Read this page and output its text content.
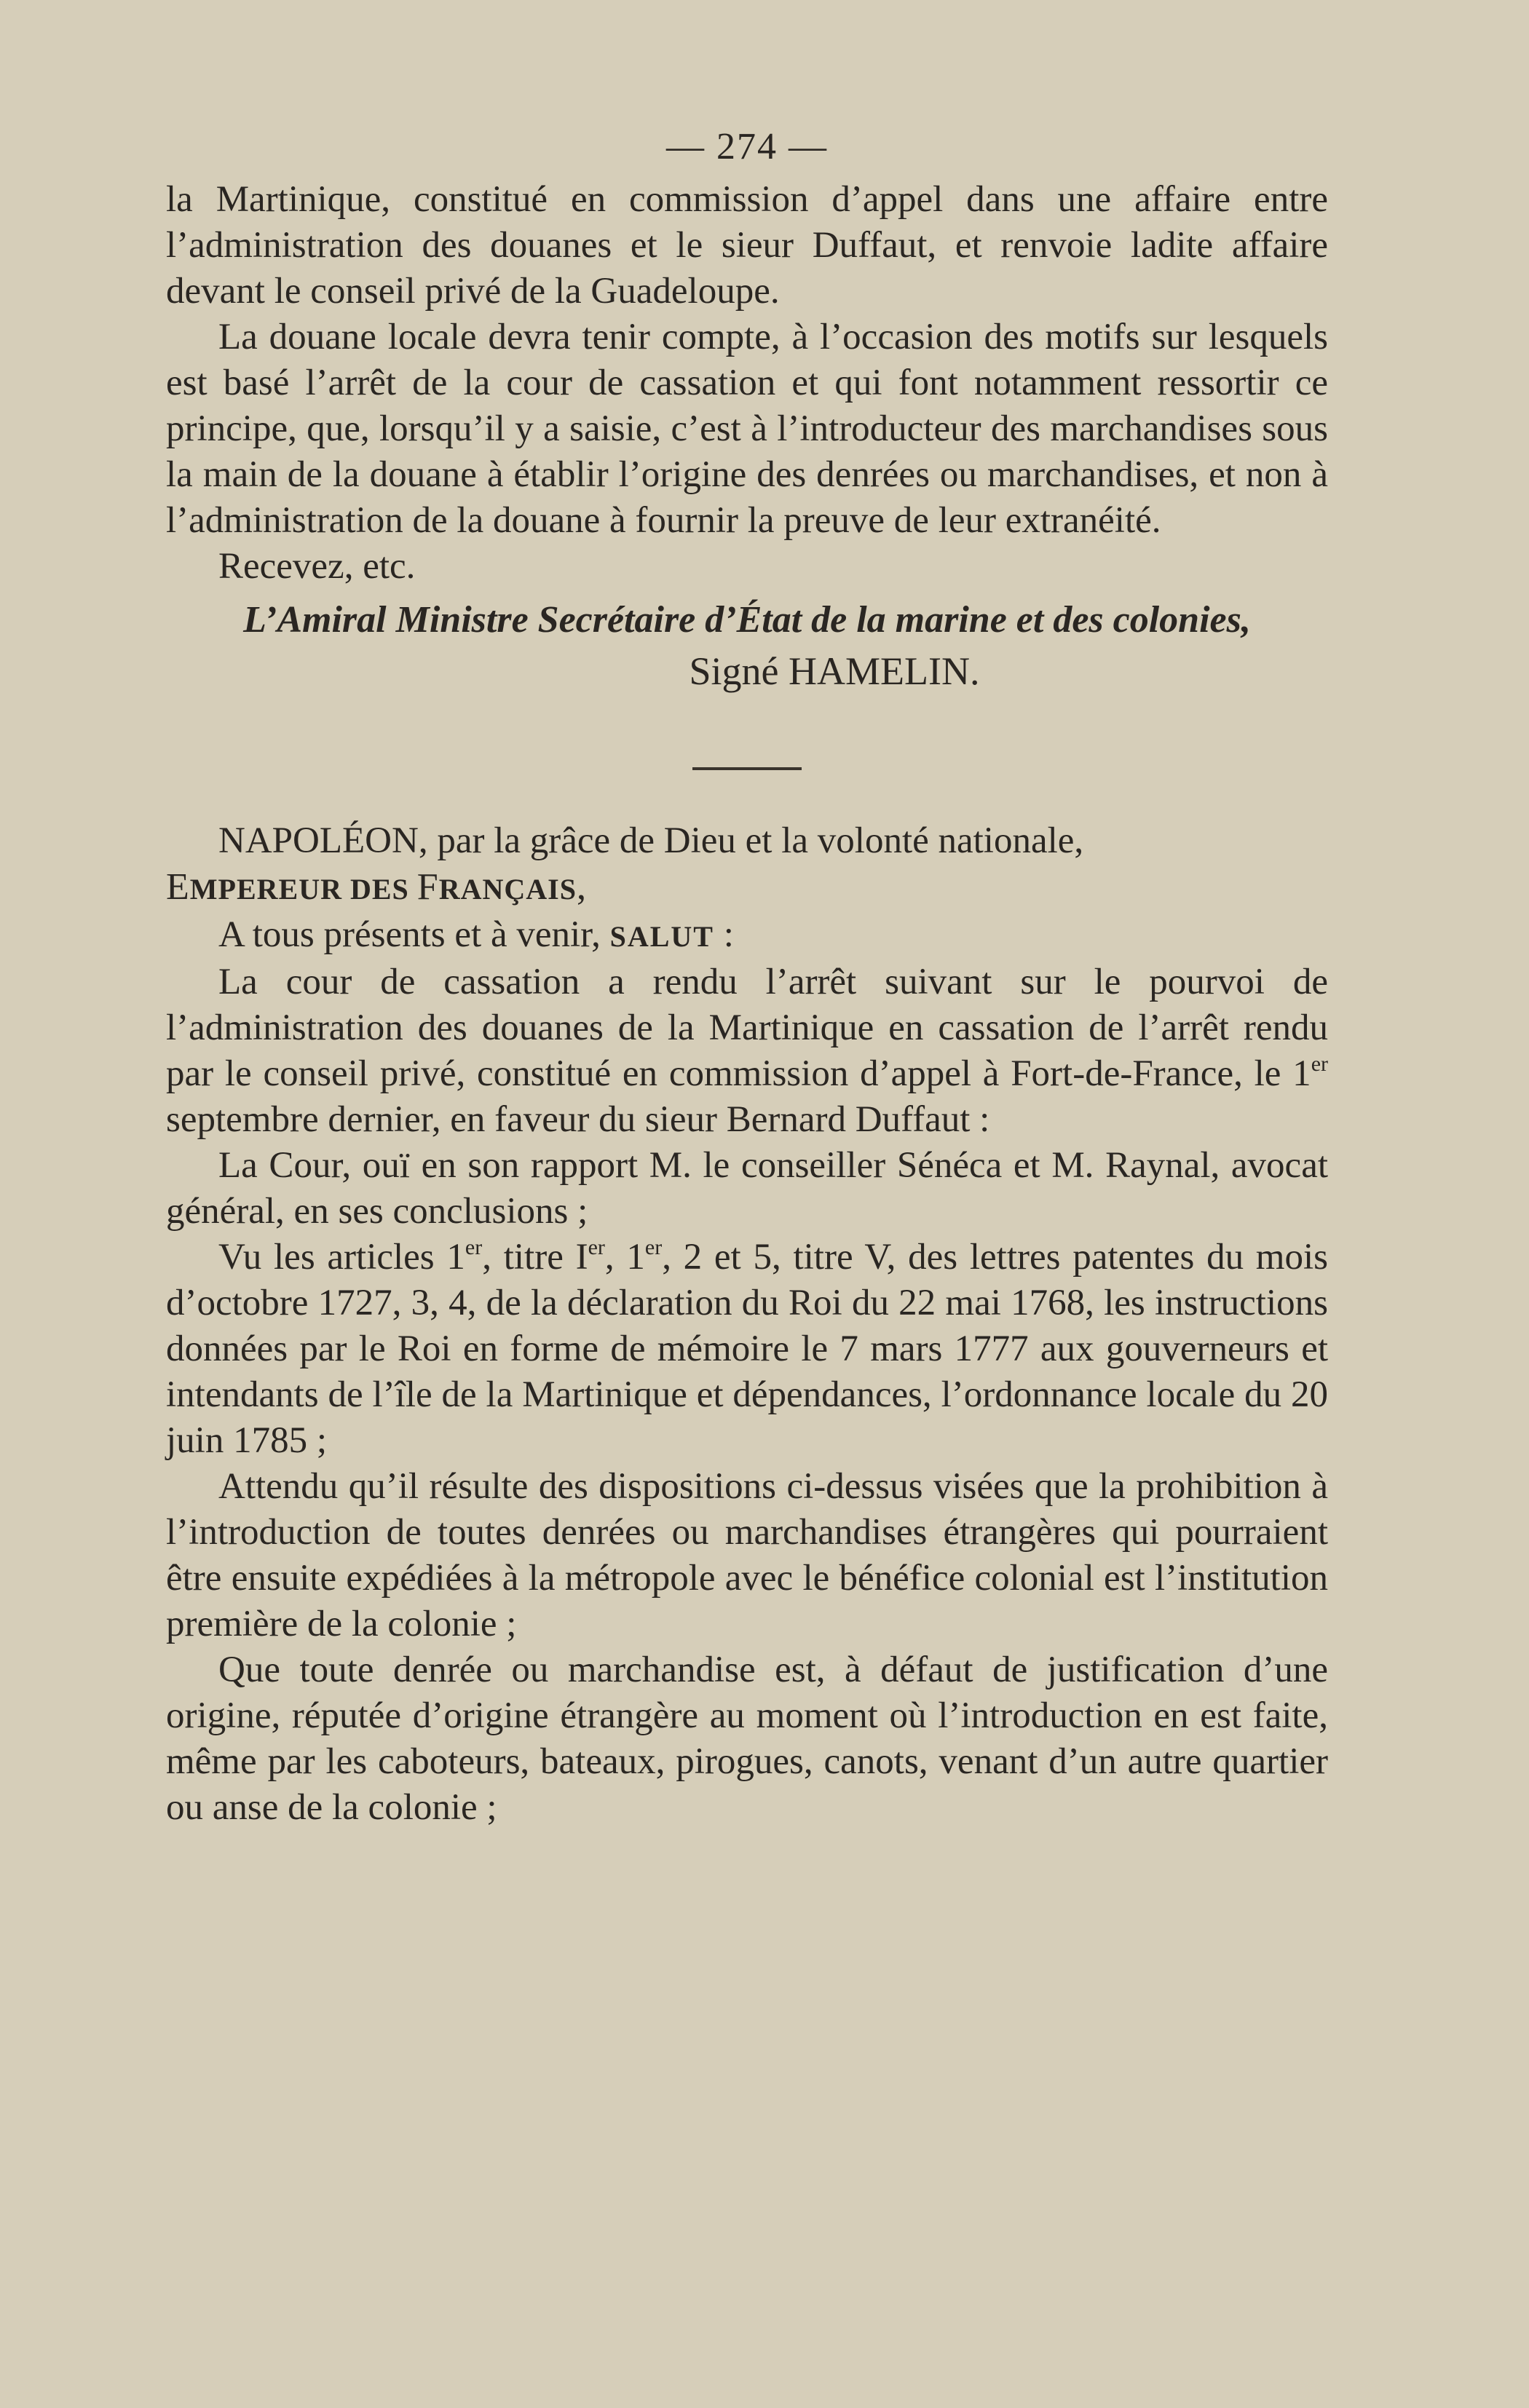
— 274 —

la Martinique, constitué en commission d’appel dans une affaire entre l’administration des douanes et le sieur Duffaut, et renvoie ladite affaire devant le conseil privé de la Guadeloupe.

La douane locale devra tenir compte, à l’occasion des motifs sur lesquels est basé l’arrêt de la cour de cassation et qui font notamment ressortir ce principe, que, lorsqu’il y a saisie, c’est à l’introducteur des marchandises sous la main de la douane à établir l’origine des denrées ou marchandises, et non à l’administration de la douane à fournir la preuve de leur extranéité.

Recevez, etc.

L’Amiral Ministre Secrétaire d’État de la marine et des colonies,

Signé HAMELIN.

NAPOLÉON, par la grâce de Dieu et la volonté nationale,

EMPEREUR DES FRANÇAIS,

A tous présents et à venir, SALUT :

La cour de cassation a rendu l’arrêt suivant sur le pourvoi de l’administration des douanes de la Martinique en cassation de l’arrêt rendu par le conseil privé, constitué en commission d’appel à Fort-de-France, le 1er septembre dernier, en faveur du sieur Bernard Duffaut :

La Cour, ouï en son rapport M. le conseiller Sénéca et M. Raynal, avocat général, en ses conclusions ;

Vu les articles 1er, titre Ier, 1er, 2 et 5, titre V, des lettres patentes du mois d’octobre 1727, 3, 4, de la déclaration du Roi du 22 mai 1768, les instructions données par le Roi en forme de mémoire le 7 mars 1777 aux gouverneurs et intendants de l’île de la Martinique et dépendances, l’ordonnance locale du 20 juin 1785 ;

Attendu qu’il résulte des dispositions ci-dessus visées que la prohibition à l’introduction de toutes denrées ou marchandises étrangères qui pourraient être ensuite expédiées à la métropole avec le bénéfice colonial est l’institution première de la colonie ;

Que toute denrée ou marchandise est, à défaut de justification d’une origine, réputée d’origine étrangère au moment où l’introduction en est faite, même par les caboteurs, bateaux, pirogues, canots, venant d’un autre quartier ou anse de la colonie ;
